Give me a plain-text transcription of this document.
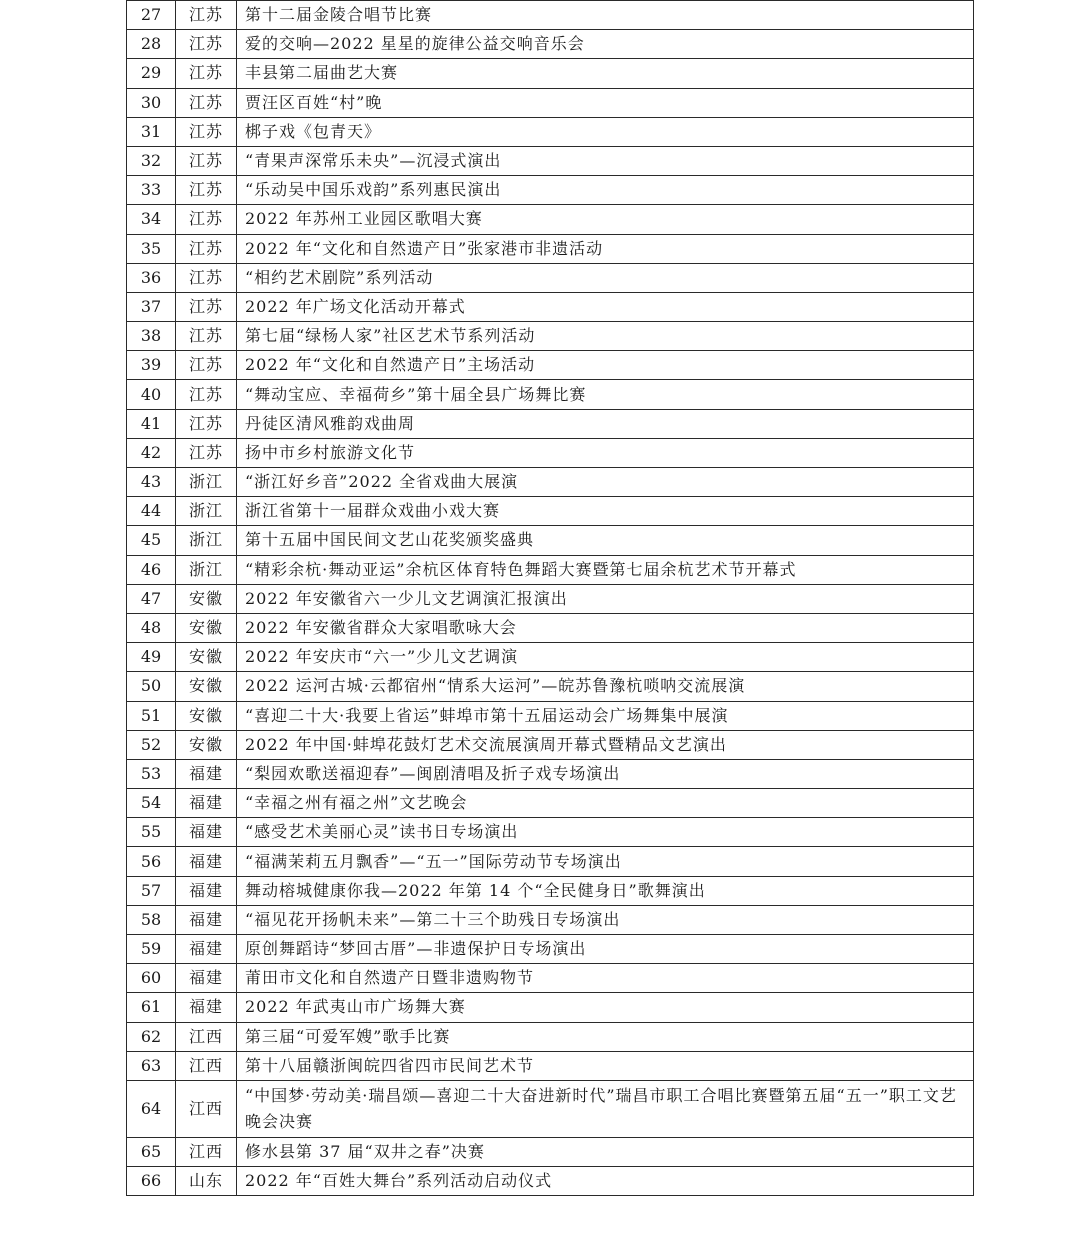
27	江苏	第十二届金陵合唱节比赛
28	江苏	爱的交响—2022 星星的旋律公益交响音乐会
29	江苏	丰县第二届曲艺大赛
30	江苏	贾汪区百姓“村”晚
31	江苏	梆子戏《包青天》
32	江苏	“青果声深常乐未央”—沉浸式演出
33	江苏	“乐动吴中国乐戏韵”系列惠民演出
34	江苏	2022 年苏州工业园区歌唱大赛
35	江苏	2022 年“文化和自然遗产日”张家港市非遗活动
36	江苏	“相约艺术剧院”系列活动
37	江苏	2022 年广场文化活动开幕式
38	江苏	第七届“绿杨人家”社区艺术节系列活动
39	江苏	2022 年“文化和自然遗产日”主场活动
40	江苏	“舞动宝应、幸福荷乡”第十届全县广场舞比赛
41	江苏	丹徒区清风雅韵戏曲周
42	江苏	扬中市乡村旅游文化节
43	浙江	“浙江好乡音”2022 全省戏曲大展演
44	浙江	浙江省第十一届群众戏曲小戏大赛
45	浙江	第十五届中国民间文艺山花奖颁奖盛典
46	浙江	“精彩余杭·舞动亚运”余杭区体育特色舞蹈大赛暨第七届余杭艺术节开幕式
47	安徽	2022 年安徽省六一少儿文艺调演汇报演出
48	安徽	2022 年安徽省群众大家唱歌咏大会
49	安徽	2022 年安庆市“六一”少儿文艺调演
50	安徽	2022 运河古城·云都宿州“情系大运河”—皖苏鲁豫杭唢呐交流展演
51	安徽	“喜迎二十大·我要上省运”蚌埠市第十五届运动会广场舞集中展演
52	安徽	2022 年中国·蚌埠花鼓灯艺术交流展演周开幕式暨精品文艺演出
53	福建	“梨园欢歌送福迎春”—闽剧清唱及折子戏专场演出
54	福建	“幸福之州有福之州”文艺晚会
55	福建	“感受艺术美丽心灵”读书日专场演出
56	福建	“福满茉莉五月飘香”—“五一”国际劳动节专场演出
57	福建	舞动榕城健康你我—2022 年第 14 个“全民健身日”歌舞演出
58	福建	“福见花开扬帆未来”—第二十三个助残日专场演出
59	福建	原创舞蹈诗“梦回古厝”—非遗保护日专场演出
60	福建	莆田市文化和自然遗产日暨非遗购物节
61	福建	2022 年武夷山市广场舞大赛
62	江西	第三届“可爱军嫂”歌手比赛
63	江西	第十八届赣浙闽皖四省四市民间艺术节
64	江西	“中国梦·劳动美·瑞昌颂—喜迎二十大奋进新时代”瑞昌市职工合唱比赛暨第五届“五一”职工文艺晚会决赛
65	江西	修水县第 37 届“双井之春”决赛
66	山东	2022 年“百姓大舞台”系列活动启动仪式
